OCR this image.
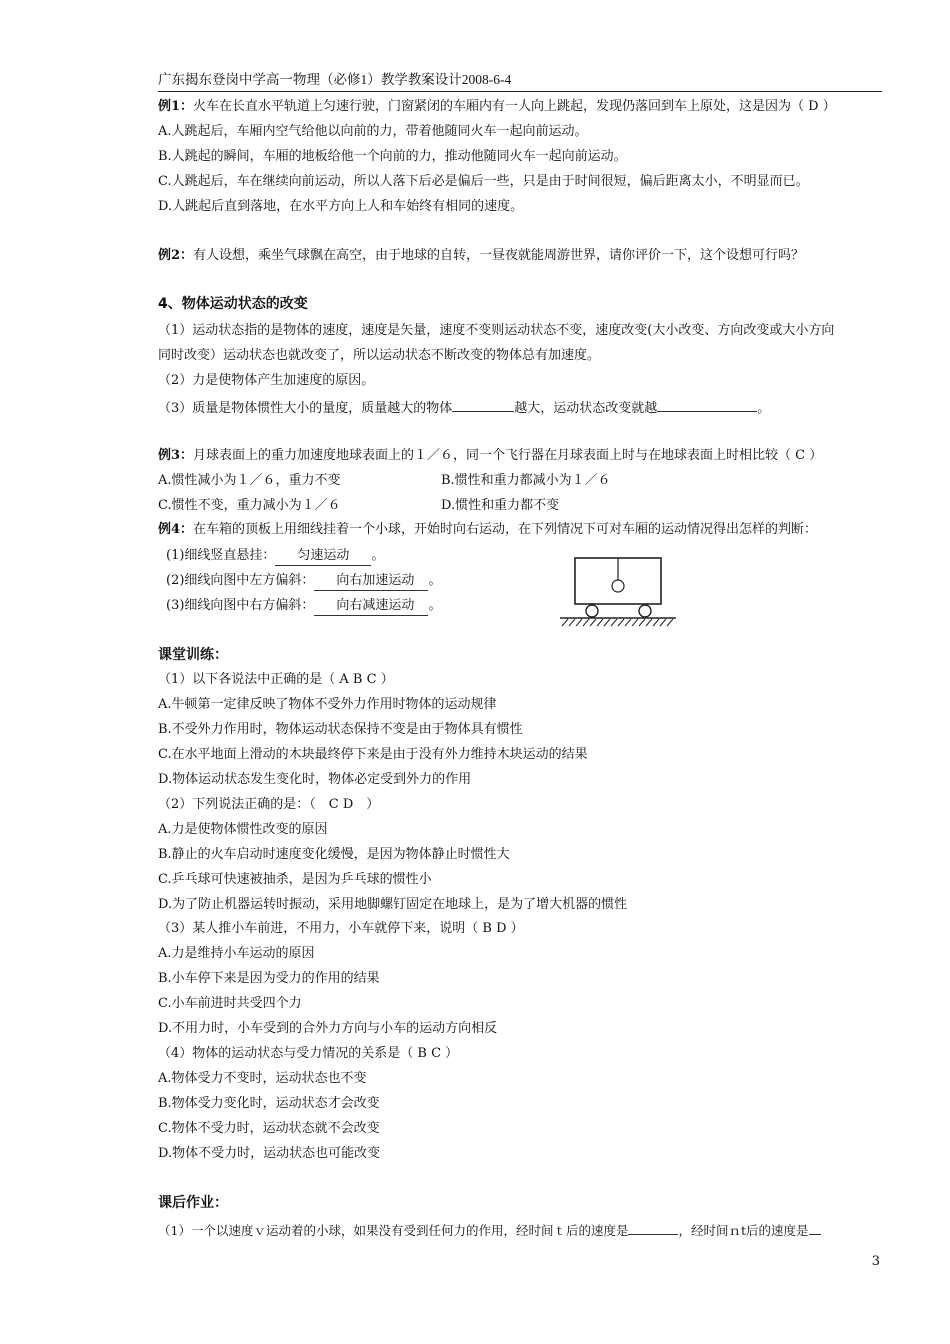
广东揭东登岗中学高一物理（必修1）教学教案设计2008-6-4
例1：火车在长直水平轨道上匀速行驶，门窗紧闭的车厢内有一人向上跳起，发现仍落回到车上原处，这是因为（ D ）
A.人跳起后，车厢内空气给他以向前的力，带着他随同火车一起向前运动。
B.人跳起的瞬间，车厢的地板给他一个向前的力，推动他随同火车一起向前运动。
C.人跳起后，车在继续向前运动，所以人落下后必是偏后一些，只是由于时间很短，偏后距离太小，不明显而已。
D.人跳起后直到落地，在水平方向上人和车始终有相同的速度。
例2：有人设想，乘坐气球飘在高空，由于地球的自转，一昼夜就能周游世界，请你评价一下，这个设想可行吗？
4、物体运动状态的改变
（1）运动状态指的是物体的速度，速度是矢量，速度不变则运动状态不变，速度改变(大小改变、方向改变或大小方向
同时改变）运动状态也就改变了，所以运动状态不断改变的物体总有加速度。
（2）力是使物体产生加速度的原因。
（3）质量是物体惯性大小的量度，质量越大的物体	越大，运动状态改变就越	。
例3：月球表面上的重力加速度地球表面上的１／６，同一个飞行器在月球表面上时与在地球表面上时相比较（ C ）
A.惯性减小为１／６，重力不变	B.惯性和重力都减小为１／６
C.惯性不变，重力减小为１／６	D.惯性和重力都不变
例4：在车箱的顶板上用细线挂着一个小球，开始时向右运动，在下列情况下可对车厢的运动情况得出怎样的判断：
(1)细线竖直悬挂： 匀速运动 。
(2)细线向图中左方偏斜： 向右加速运动 。
(3)细线向图中右方偏斜： 向右减速运动 。
课堂训练：
（1）以下各说法中正确的是（ A B C ）
A.牛顿第一定律反映了物体不受外力作用时物体的运动规律
B.不受外力作用时，物体运动状态保持不变是由于物体具有惯性
C.在水平地面上滑动的木块最终停下来是由于没有外力维持木块运动的结果
D.物体运动状态发生变化时，物体必定受到外力的作用
（2）下列说法正确的是：（　C D　）
A.力是使物体惯性改变的原因
B.静止的火车启动时速度变化缓慢，是因为物体静止时惯性大
C.乒乓球可快速被抽杀，是因为乒乓球的惯性小
D.为了防止机器运转时振动，采用地脚螺钉固定在地球上，是为了增大机器的惯性
（3）某人推小车前进，不用力，小车就停下来，说明（ B D ）
A.力是维持小车运动的原因
B.小车停下来是因为受力的作用的结果
C.小车前进时共受四个力
D.不用力时，小车受到的合外力方向与小车的运动方向相反
（4）物体的运动状态与受力情况的关系是（ B C ）
A.物体受力不变时，运动状态也不变
B.物体受力变化时，运动状态才会改变
C.物体不受力时，运动状态就不会改变
D.物体不受力时，运动状态也可能改变
课后作业：
（1）一个以速度ｖ运动着的小球，如果没有受到任何力的作用，经时间ｔ后的速度是	，经时间ｎt后的速度是
3
